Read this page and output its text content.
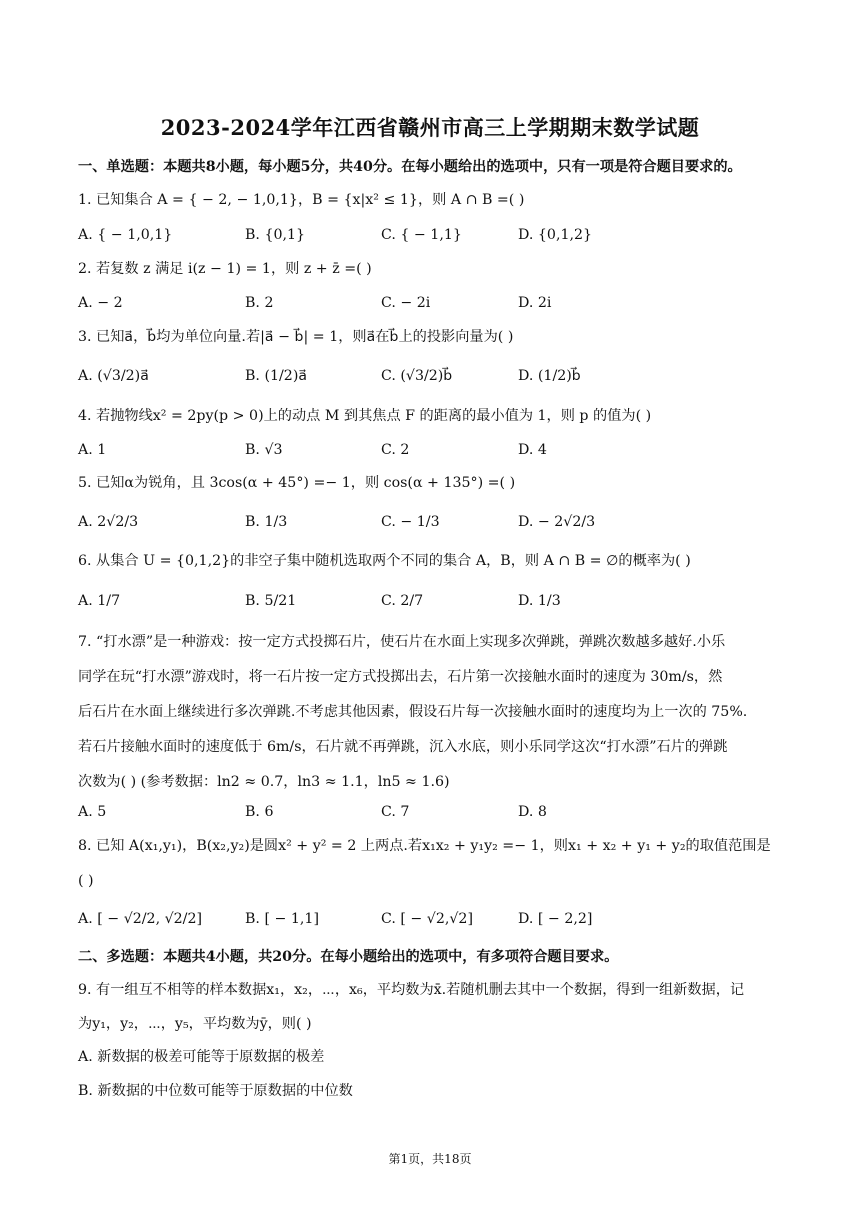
2023-2024学年江西省赣州市高三上学期期末数学试题
一、单选题：本题共8小题，每小题5分，共40分。在每小题给出的选项中，只有一项是符合题目要求的。
1. 已知集合 A = { − 2, − 1,0,1}，B = {x|x² ≤ 1}，则 A ∩ B =( )
A. { − 1,0,1}	B. {0,1}	C. { − 1,1}	D. {0,1,2}
2. 若复数 z 满足 i(z − 1) = 1，则 z + z̄ =( )
A. − 2	B. 2	C. − 2i	D. 2i
3. 已知a⃗，b⃗均为单位向量.若|a⃗ − b⃗| = 1，则a⃗在b⃗上的投影向量为( )
A. (√3/2)a⃗	B. (1/2)a⃗	C. (√3/2)b⃗	D. (1/2)b⃗
4. 若抛物线x² = 2py(p > 0)上的动点 M 到其焦点 F 的距离的最小值为 1，则 p 的值为( )
A. 1	B. √3	C. 2	D. 4
5. 已知α为锐角，且 3cos(α + 45°) =− 1，则 cos(α + 135°) =( )
A. 2√2/3	B. 1/3	C. − 1/3	D. − 2√2/3
6. 从集合 U = {0,1,2}的非空子集中随机选取两个不同的集合 A，B，则 A ∩ B = ∅的概率为( )
A. 1/7	B. 5/21	C. 2/7	D. 1/3
7. “打水漂”是一种游戏：按一定方式投掷石片，使石片在水面上实现多次弹跳，弹跳次数越多越好.小乐
同学在玩“打水漂”游戏时，将一石片按一定方式投掷出去，石片第一次接触水面时的速度为 30m/s，然
后石片在水面上继续进行多次弹跳.不考虑其他因素，假设石片每一次接触水面时的速度均为上一次的 75%.
若石片接触水面时的速度低于 6m/s，石片就不再弹跳，沉入水底，则小乐同学这次“打水漂”石片的弹跳
次数为( ) (参考数据：ln2 ≈ 0.7，ln3 ≈ 1.1，ln5 ≈ 1.6)
A. 5	B. 6	C. 7	D. 8
8. 已知 A(x₁,y₁)，B(x₂,y₂)是圆x² + y² = 2 上两点.若x₁x₂ + y₁y₂ =− 1，则x₁ + x₂ + y₁ + y₂的取值范围是
( )
A. [ − √2/2, √2/2]	B. [ − 1,1]	C. [ − √2,√2]	D. [ − 2,2]
二、多选题：本题共4小题，共20分。在每小题给出的选项中，有多项符合题目要求。
9. 有一组互不相等的样本数据x₁，x₂，⋯，x₆，平均数为x̄.若随机删去其中一个数据，得到一组新数据，记
为y₁，y₂，⋯，y₅，平均数为ȳ，则( )
A. 新数据的极差可能等于原数据的极差
B. 新数据的中位数可能等于原数据的中位数
第1页，共18页
